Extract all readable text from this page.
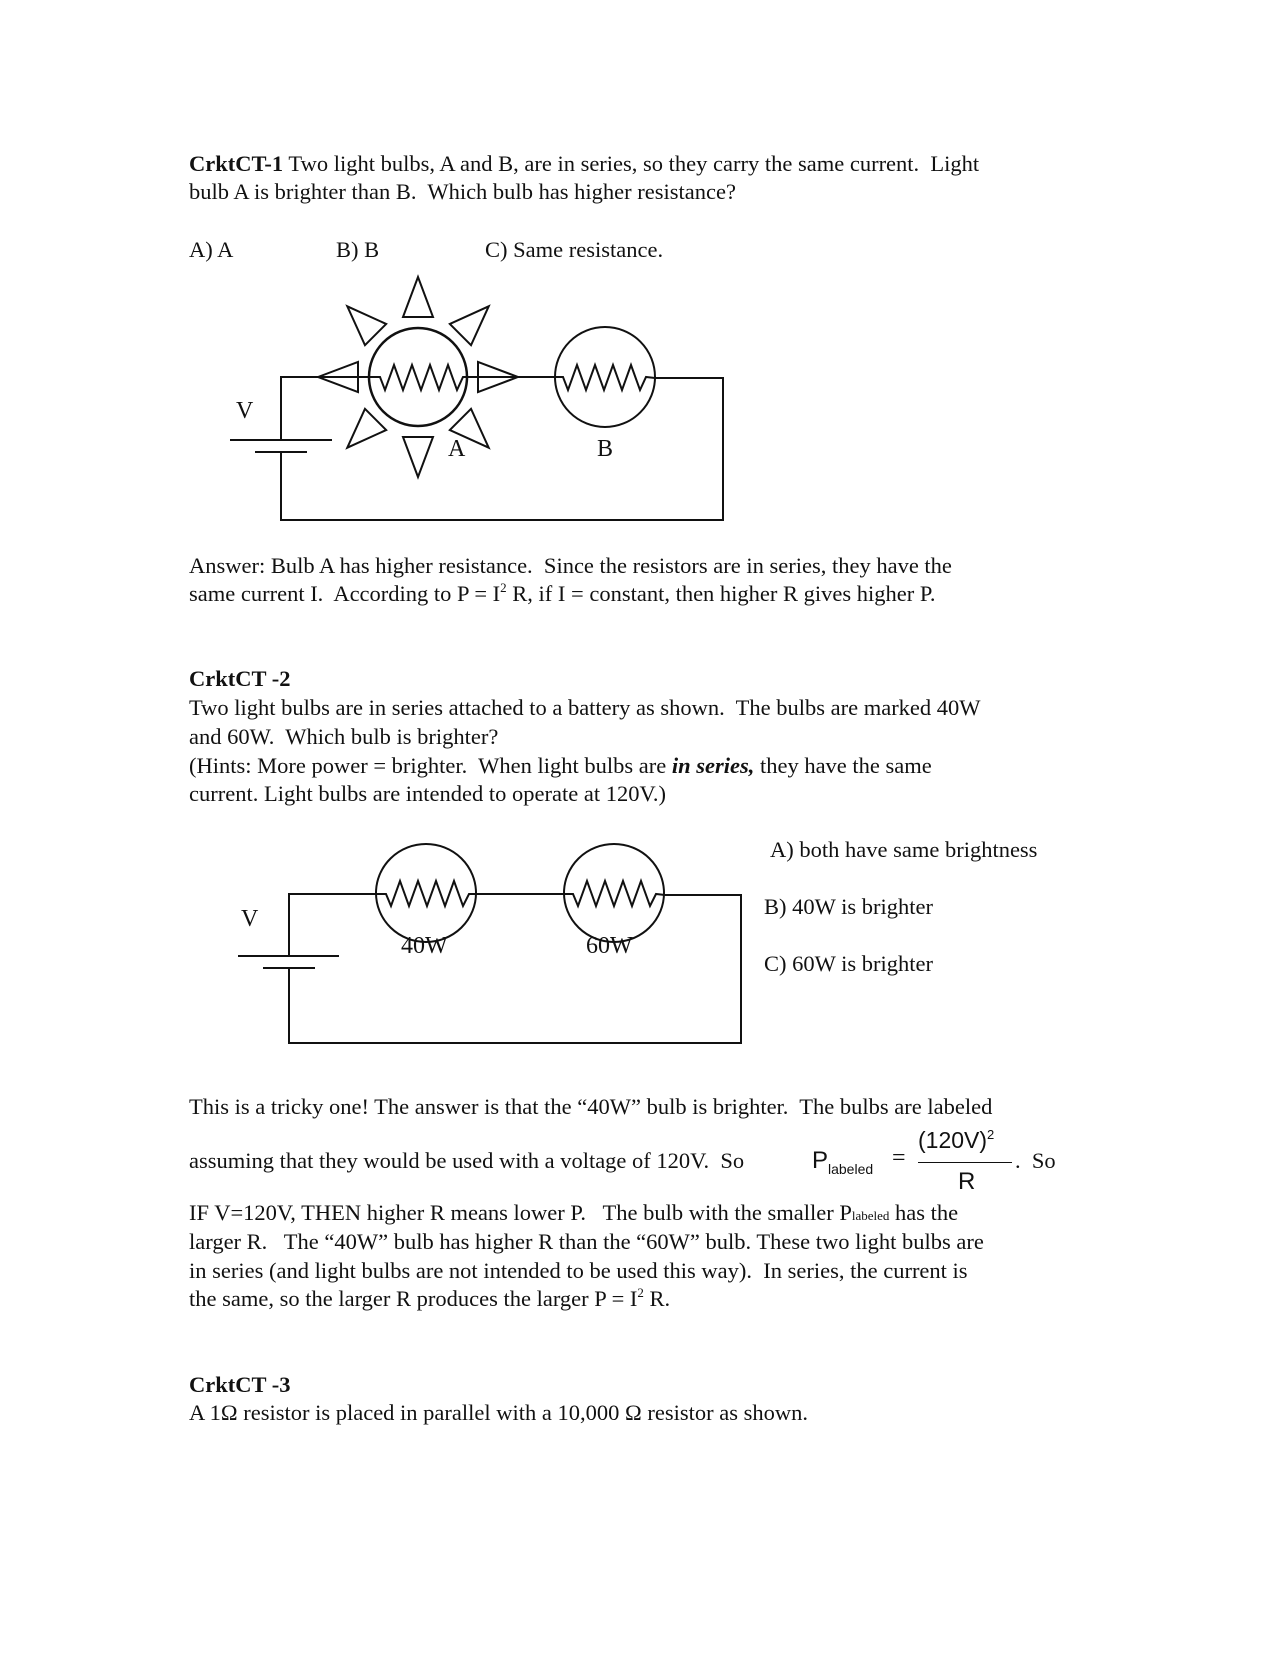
CrktCT-1 Two light bulbs, A and B, are in series, so they carry the same current.  Light
bulb A is brighter than B.  Which bulb has higher resistance?
A) A	B) B	C) Same resistance.
V
A	B
Answer: Bulb A has higher resistance.  Since the resistors are in series, they have the
same current I.  According to $P = I^2$ R, if I = constant, then higher R gives higher P.
CrktCT -2
Two light bulbs are in series attached to a battery as shown.  The bulbs are marked 40W
and 60W.  Which bulb is brighter?
(Hints: More power = brighter.  When light bulbs are in series, they have the same
current. Light bulbs are intended to operate at 120V.)
V
40W	60W
A) both have same brightness
B) 40W is brighter
C) 60W is brighter
This is a tricky one! The answer is that the “40W” bulb is brighter.  The bulbs are labeled
assuming that they would be used with a voltage of 120V.  So	P labeled =
$(120V)^2$
R
.  So
IF V=120V, THEN higher R means lower P.   The bulb with the smaller Plabeled has the
larger R.   The “40W” bulb has higher R than the “60W” bulb. These two light bulbs are
in series (and light bulbs are not intended to be used this way).  In series, the current is
the same, so the larger R produces the larger $P = I^2$ R.
CrktCT -3
A 1Ω resistor is placed in parallel with a 10,000 Ω resistor as shown.
